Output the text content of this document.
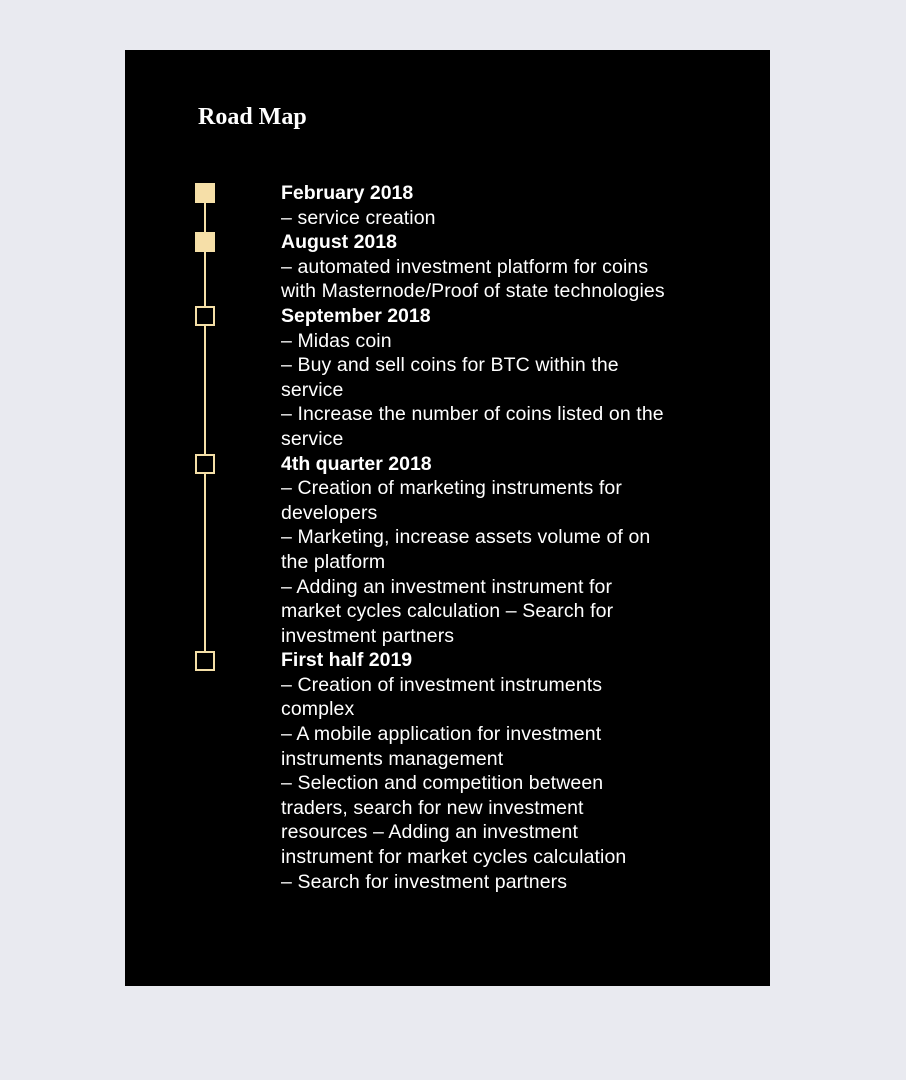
Road Map
February 2018
– service creation
August 2018
– automated investment platform for coins
with Masternode/Proof of state technologies
September 2018
– Midas coin
– Buy and sell coins for BTC within the
service
– Increase the number of coins listed on the
service
4th quarter 2018
– Creation of marketing instruments for
developers
– Marketing, increase assets volume of on
the platform
– Adding an investment instrument for
market cycles calculation – Search for
investment partners
First half 2019
– Creation of investment instruments
complex
– A mobile application for investment
instruments management
– Selection and competition between
traders, search for new investment
resources – Adding an investment
instrument for market cycles calculation
– Search for investment partners
